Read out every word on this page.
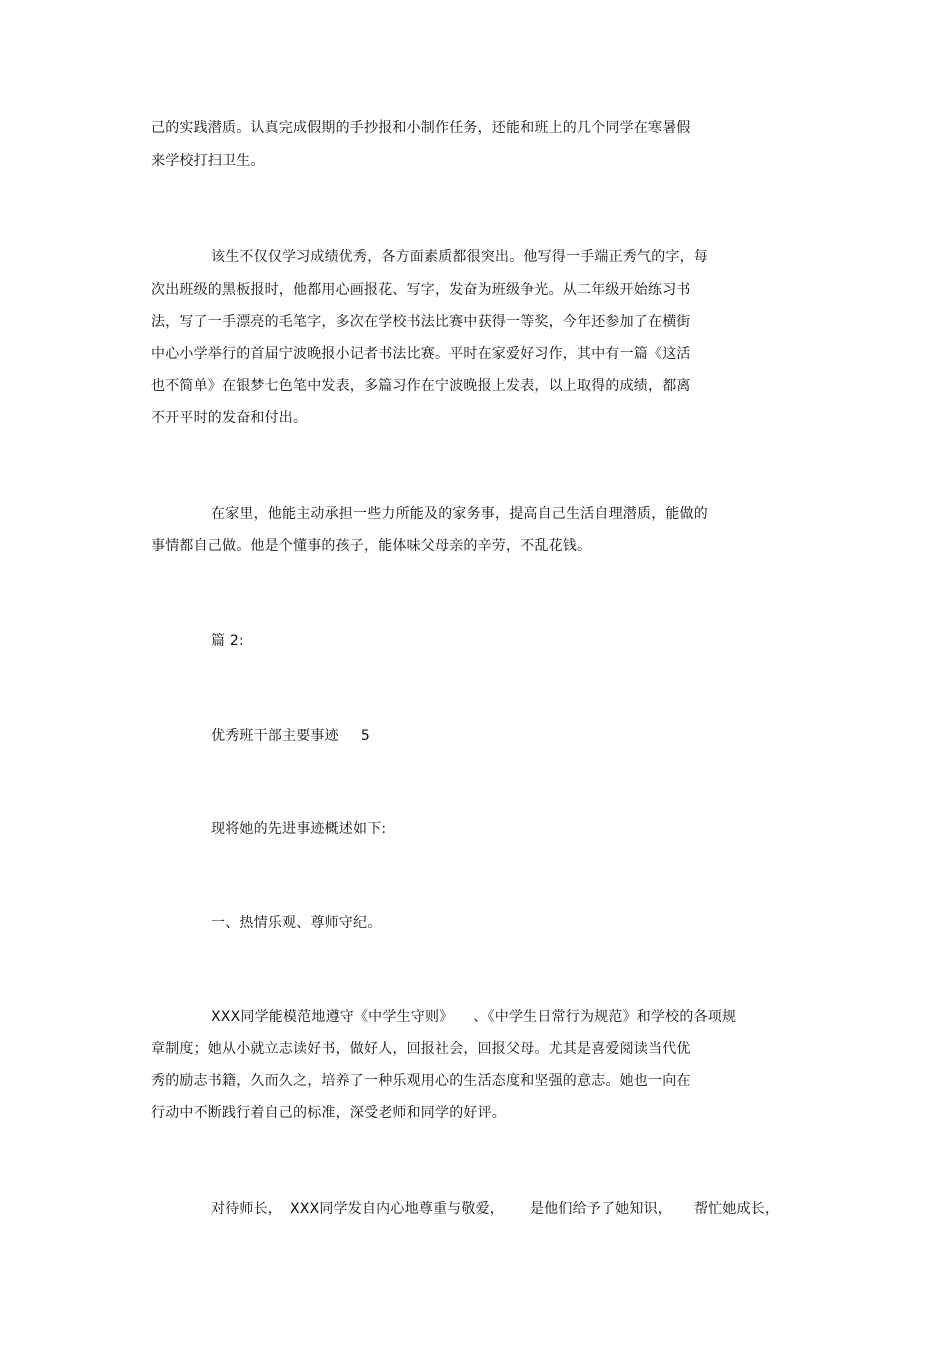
己的实践潜质。认真完成假期的手抄报和小制作任务，还能和班上的几个同学在寒暑假
来学校打扫卫生。
该生不仅仅学习成绩优秀，各方面素质都很突出。他写得一手端正秀气的字，每
次出班级的黑板报时，他都用心画报花、写字，发奋为班级争光。从二年级开始练习书
法，写了一手漂亮的毛笔字，多次在学校书法比赛中获得一等奖，今年还参加了在横街
中心小学举行的首届宁波晚报小记者书法比赛。平时在家爱好习作，其中有一篇《这活
也不简单》在银梦七色笔中发表，多篇习作在宁波晚报上发表，以上取得的成绩，都离
不开平时的发奋和付出。
在家里，他能主动承担一些力所能及的家务事，提高自己生活自理潜质，能做的
事情都自己做。他是个懂事的孩子，能体味父母亲的辛劳，不乱花钱。
篇 2:
优秀班干部主要事迹 5
现将她的先进事迹概述如下:
一、热情乐观、尊师守纪。
XXX同学能模范地遵守《中学生守则》 、《中学生日常行为规范》和学校的各项规
章制度；她从小就立志读好书，做好人，回报社会，回报父母。尤其是喜爱阅读当代优
秀的励志书籍，久而久之，培养了一种乐观用心的生活态度和坚强的意志。她也一向在
行动中不断践行着自己的标准，深受老师和同学的好评。
对待师长， XXX同学发自内心地尊重与敬爱， 是他们给予了她知识， 帮忙她成长，
